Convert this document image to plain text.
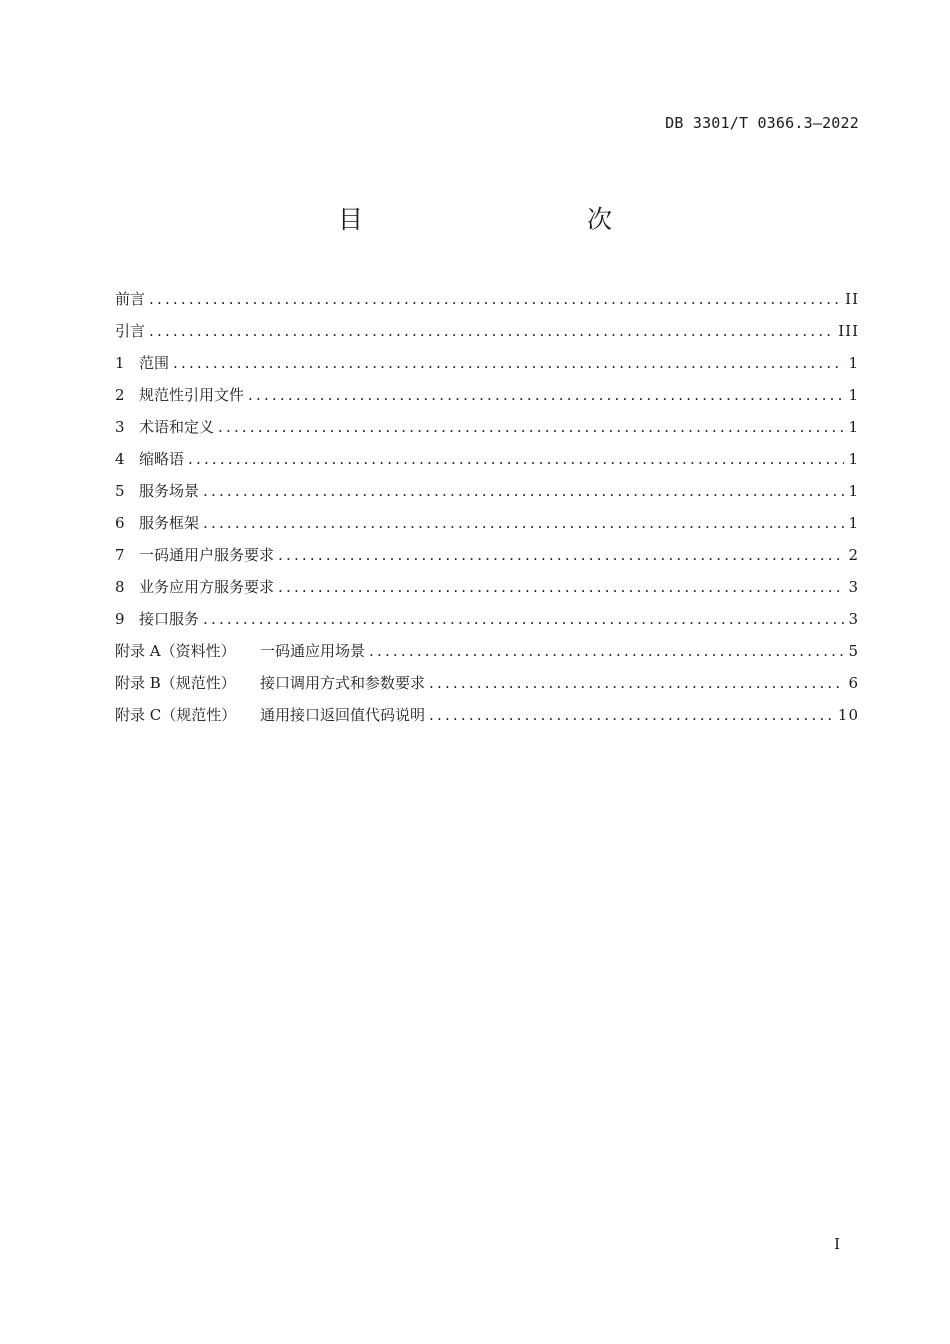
DB 3301/T 0366.3—2022
目　　次
前言 .....	II
引言 .....	III
1 范围 .....	1
2 规范性引用文件 .....	1
3 术语和定义 .....	1
4 缩略语 .....	1
5 服务场景 .....	1
6 服务框架 .....	1
7 一码通用户服务要求 .....	2
8 业务应用方服务要求 .....	3
9 接口服务 .....	3
附录 A（资料性）	一码通应用场景 .....	5
附录 B（规范性）	接口调用方式和参数要求 .....	6
附录 C（规范性）	通用接口返回值代码说明 .....	10
I
